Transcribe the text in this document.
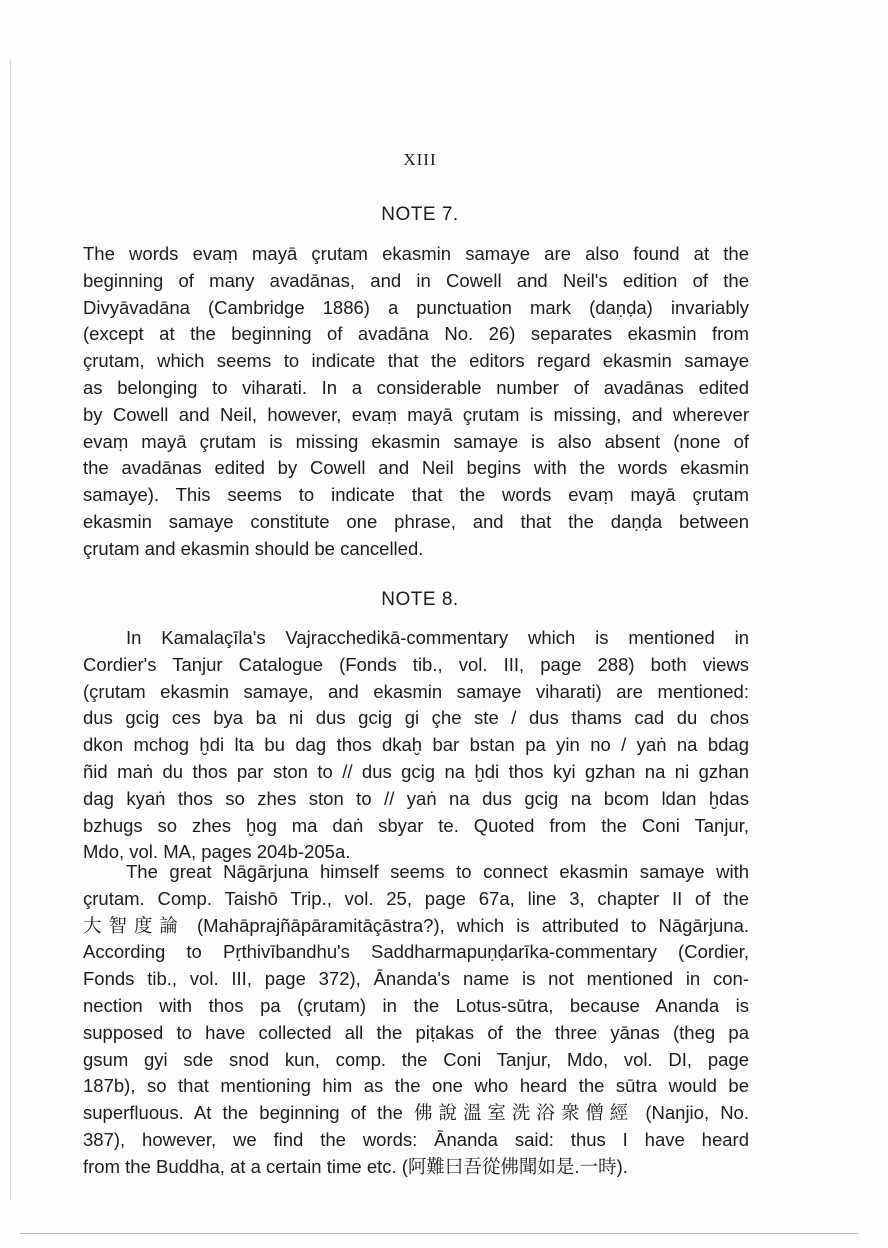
XIII
NOTE 7.
The words evaṃ mayā çrutam ekasmin samaye are also found at the
beginning of many avadānas, and in Cowell and Neil's edition of the
Divyāvadāna (Cambridge 1886) a punctuation mark (daṇḍa) invariably
(except at the beginning of avadāna No. 26) separates ekasmin from
çrutam, which seems to indicate that the editors regard ekasmin samaye
as belonging to viharati. In a considerable number of avadānas edited
by Cowell and Neil, however, evaṃ mayā çrutam is missing, and wherever
evaṃ mayā çrutam is missing ekasmin samaye is also absent (none of
the avadānas edited by Cowell and Neil begins with the words ekasmin
samaye). This seems to indicate that the words evaṃ mayā çrutam
ekasmin samaye constitute one phrase, and that the daṇḍa between
çrutam and ekasmin should be cancelled.
NOTE 8.
In Kamalaçīla's Vajracchedikā-commentary which is mentioned in
Cordier's Tanjur Catalogue (Fonds tib., vol. III, page 288) both views
(çrutam ekasmin samaye, and ekasmin samaye viharati) are mentioned:
dus gcig ces bya ba ni dus gcig gi çhe ste / dus thams cad du chos
dkon mchog ḫdi lta bu dag thos dkaḫ bar bstan pa yin no / yaṅ na bdag
ñid maṅ du thos par ston to // dus gcig na ḫdi thos kyi gzhan na ni gzhan
dag kyaṅ thos so zhes ston to // yaṅ na dus gcig na bcom ldan ḫdas
bzhugs so zhes ḫog ma daṅ sbyar te. Quoted from the Coni Tanjur,
Mdo, vol. MA, pages 204b-205a.
The great Nāgārjuna himself seems to connect ekasmin samaye with
çrutam. Comp. Taishō Trip., vol. 25, page 67a, line 3, chapter II of the
大智度論 (Mahāprajñāpāramitāçāstra?), which is attributed to Nāgārjuna.
According to Pṛthivībandhu's Saddharmapuṇḍarīka-commentary (Cordier,
Fonds tib., vol. III, page 372), Ānanda's name is not mentioned in con-
nection with thos pa (çrutam) in the Lotus-sūtra, because Ananda is
supposed to have collected all the piṭakas of the three yānas (theg pa
gsum gyi sde snod kun, comp. the Coni Tanjur, Mdo, vol. DI, page
187b), so that mentioning him as the one who heard the sūtra would be
superfluous. At the beginning of the 佛說溫室洗浴衆僧經 (Nanjio, No.
387), however, we find the words: Ānanda said: thus I have heard
from the Buddha, at a certain time etc. (阿難曰吾從佛聞如是.一時).
